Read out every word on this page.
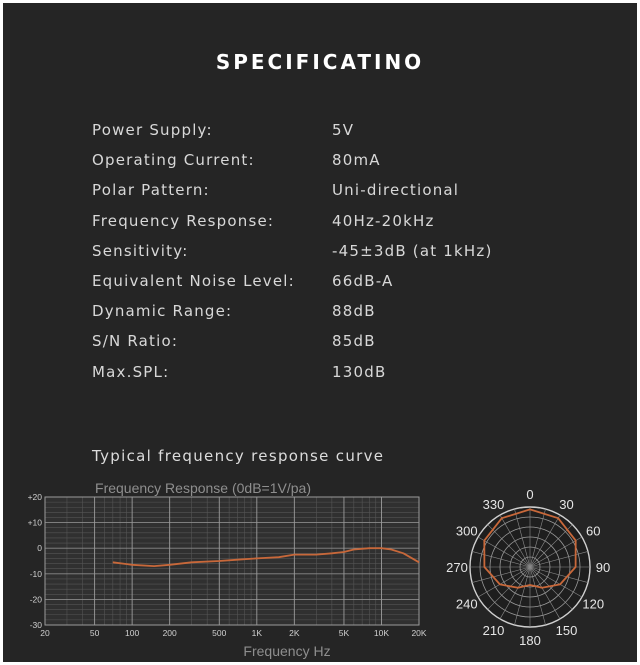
SPECIFICATINO
Power Supply:	5V
Operating Current:	80mA
Polar Pattern:	Uni-directional
Frequency Response:	40Hz-20kHz
Sensitivity:	-45±3dB (at 1kHz)
Equivalent Noise Level: 66dB-A
Dynamic Range:	88dB
S/N Ratio:	85dB
Max.SPL:	130dB
Typical frequency response curve
20	50	100	200	500	1K	2K	5K	10K	20K
+20
+10
0
-10
-20
-30
Frequency Response (0dB=1V/pa)
Frequency Hz
0
30
60
90
120
150
180
210
240
270
300
330
